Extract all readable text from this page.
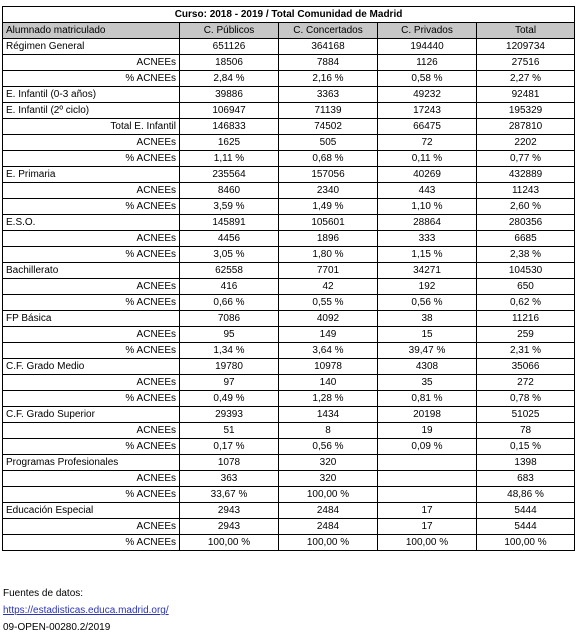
Curso: 2018 - 2019 / Total Comunidad de Madrid				
Alumnado matriculado	C. Públicos	C. Concertados	C. Privados	Total
Régimen General	651126	364168	194440	1209734
ACNEEs	18506	7884	1126	27516
% ACNEEs	2,84 %	2,16 %	0,58 %	2,27 %
E. Infantil (0-3 años)	39886	3363	49232	92481
E. Infantil (2º ciclo)	106947	71139	17243	195329
Total E. Infantil	146833	74502	66475	287810
ACNEEs	1625	505	72	2202
% ACNEEs	1,11 %	0,68 %	0,11 %	0,77 %
E. Primaria	235564	157056	40269	432889
ACNEEs	8460	2340	443	11243
% ACNEEs	3,59 %	1,49 %	1,10 %	2,60 %
E.S.O.	145891	105601	28864	280356
ACNEEs	4456	1896	333	6685
% ACNEEs	3,05 %	1,80 %	1,15 %	2,38 %
Bachillerato	62558	7701	34271	104530
ACNEEs	416	42	192	650
% ACNEEs	0,66 %	0,55 %	0,56 %	0,62 %
FP Básica	7086	4092	38	11216
ACNEEs	95	149	15	259
% ACNEEs	1,34 %	3,64 %	39,47 %	2,31 %
C.F. Grado Medio	19780	10978	4308	35066
ACNEEs	97	140	35	272
% ACNEEs	0,49 %	1,28 %	0,81 %	0,78 %
C.F. Grado Superior	29393	1434	20198	51025
ACNEEs	51	8	19	78
% ACNEEs	0,17 %	0,56 %	0,09 %	0,15 %
Programas Profesionales	1078	320		1398
ACNEEs	363	320		683
% ACNEEs	33,67 %	100,00 %		48,86 %
Educación Especial	2943	2484	17	5444
ACNEEs	2943	2484	17	5444
% ACNEEs	100,00 %	100,00 %	100,00 %	100,00 %
Fuentes de datos:
https://estadisticas.educa.madrid.org/
09-OPEN-00280.2/2019
